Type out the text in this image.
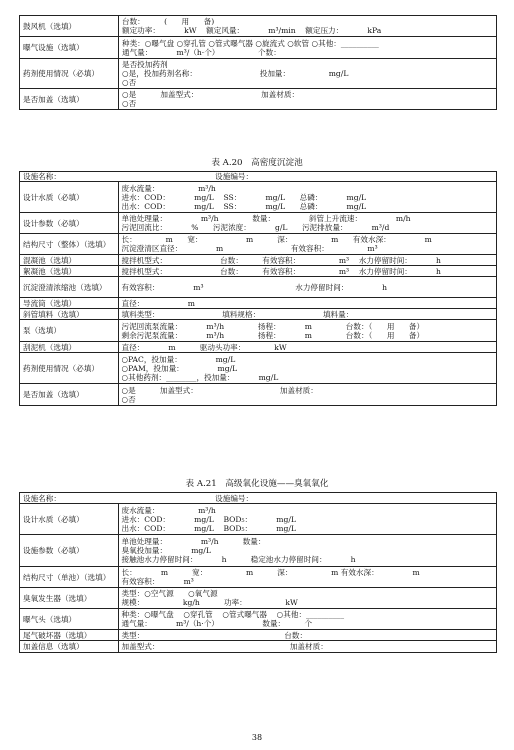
鼓风机（选填）	台数：        (      用      备)
额定功率：          kW    额定风量：          m³/min    额定压力：          kPa

曝气设施（选填）	种类：○曝气盘 ○穿孔管 ○管式曝气器 ○旋流式 ○软管 ○其他：__________
通气量：          m³/（h·个）                个数：

药剂使用情况（必填）	是否投加药剂
○是，投加药剂名称：                          投加量：                mg/L
○否

是否加盖（选填）	○是          加盖型式：                          加盖材质：
○否
表 A.20　高密度沉淀池
设施名称：	设施编号：

设计水质（必填）	废水流量：                m³/h
进水：COD：          mg/L    SS：          mg/L      总磷：          mg/L
出水：COD：          mg/L    SS：          mg/L      总磷：          mg/L

设计参数（必填）	单池处理量：              m³/h              数量：              斜管上升流速：              m/h
污泥回流比：          %      污泥浓度：          g/L      污泥排放量：          m³/d

结构尺寸（整体）（选填）	长：            m      宽：                  m          深：                m      有效水深：              m
沉淀澄清区直径：              m                            有效容积：                m³

混凝池（选填）	搅拌机型式：                      台数：        有效容积：                m³    水力停留时间：          h

絮凝池（选填）	搅拌机型式：                      台数：        有效容积：                m³    水力停留时间：          h

沉淀澄清浓缩池（选填）	有效容积：              m³                                      水力停留时间：              h

导流筒（选填）	直径：                  m

斜管填料（选填）	填料类型：                          填料规格：                          填料量：

泵（选填）	污泥回流泵流量：          m³/h              扬程：          m              台数：（      用      备）
剩余污泥泵流量：          m³/h              扬程：          m              台数：（      用      备）

刮泥机（选填）	直径：          m          驱动头功率：            kW

药剂使用情况（必填）	○PAC，投加量：              mg/L
○PAM，投加量：              mg/L
○其他药剂：________，投加量：          mg/L

是否加盖（选填）	○是          加盖型式：                                  加盖材质：
○否
表 A.21　高级氧化设施——臭氧氧化
设施名称：	设施编号：

设计水质（必填）	废水流量：                m³/h
进水：COD：          mg/L    BOD₅：          mg/L
出水：COD：          mg/L    BOD₅：          mg/L

设施参数（必填）	单池处理量：              m³/h          数量：
臭氧投加量：          mg/L
接触池水力停留时间：          h          稳定池水力停留时间：          h

结构尺寸（单池）（选填）	长：          m          宽：                m          深：                m 有效水深：              m
有效容积：          m³

臭氧发生器（选填）	类型：○空气源      ○氧气源
规模：                kg/h          功率：                kW

曝气头（选填）	种类：○曝气盘    ○穿孔管    ○管式曝气器    ○其他：__________
通气量：          m³/（h·个）                  数量：        个

尾气破坏器（选填）	类型：                                                          台数：

加盖信息（选填）	加盖型式：                                                      加盖材质：
38
